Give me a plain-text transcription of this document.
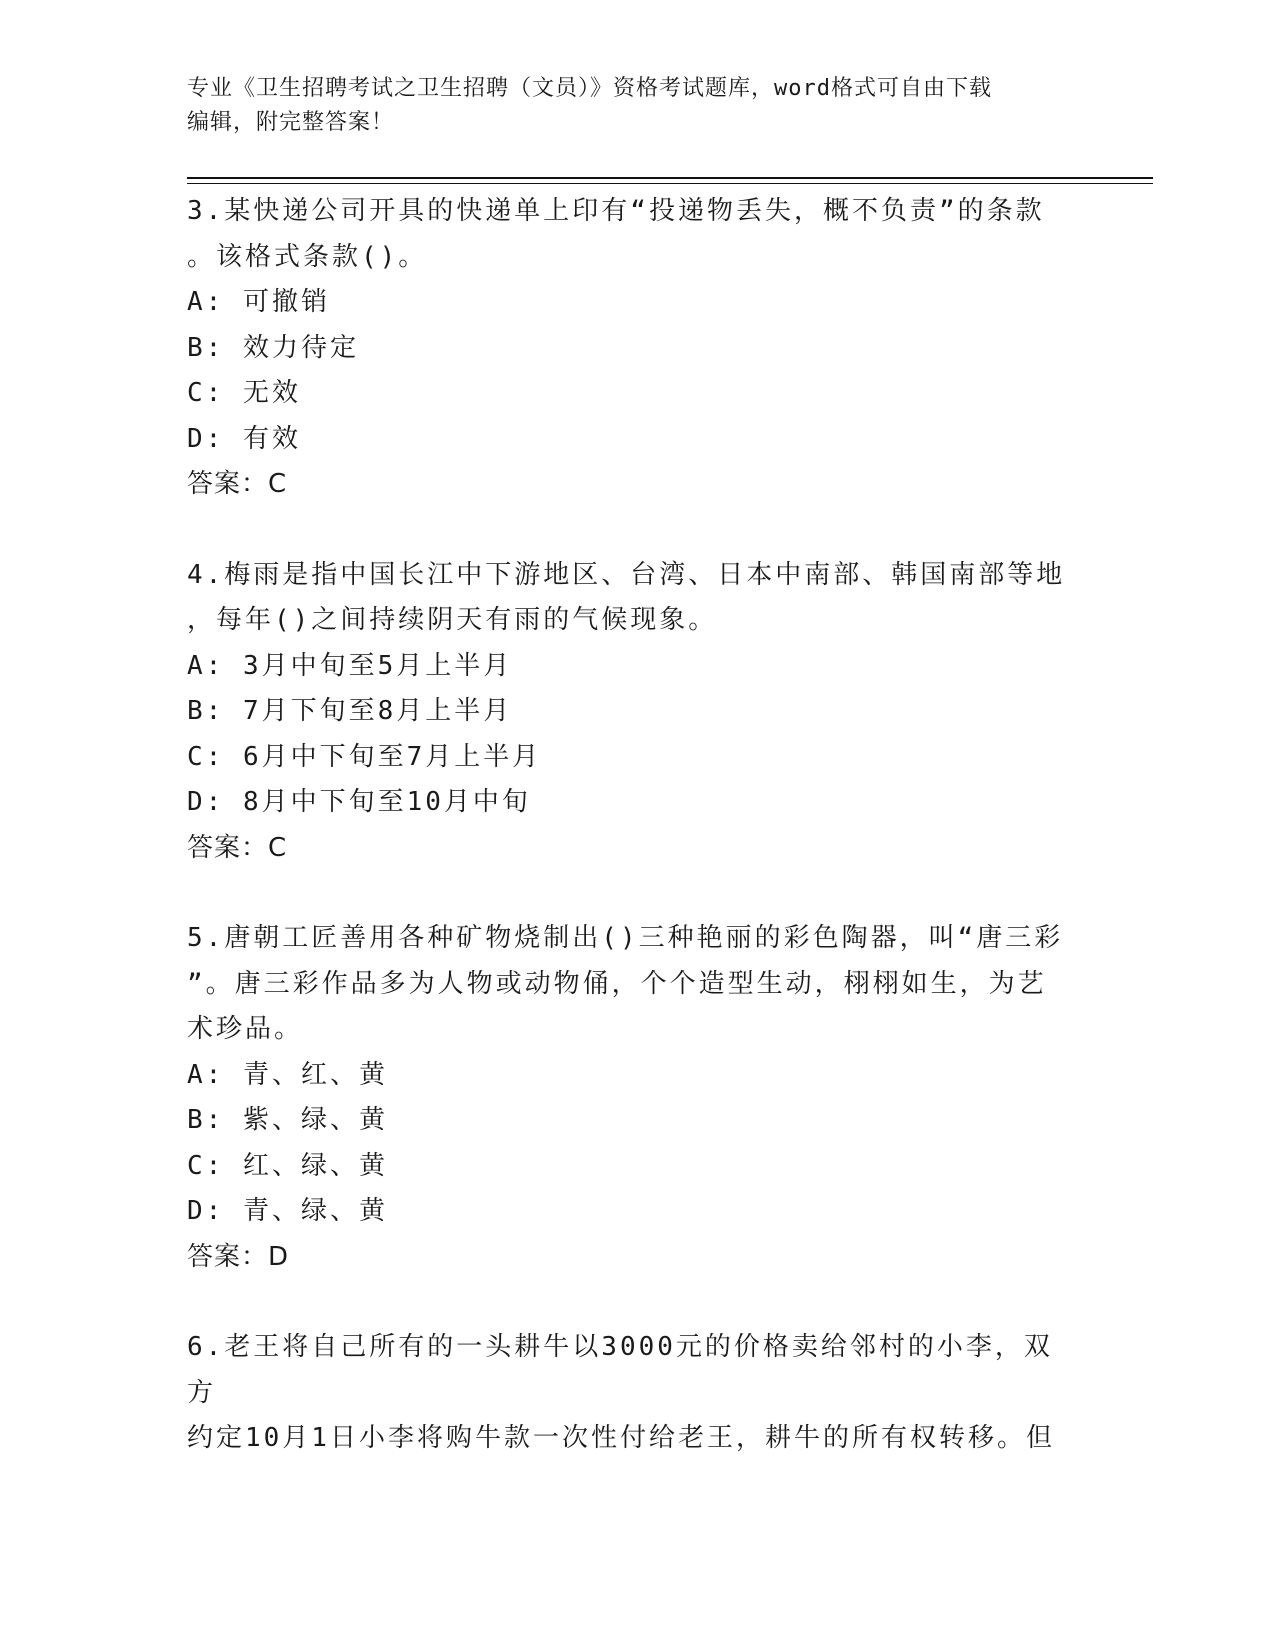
专业《卫生招聘考试之卫生招聘（文员）》资格考试题库，word格式可自由下载
编辑，附完整答案！

3.某快递公司开具的快递单上印有“投递物丢失，概不负责”的条款

。该格式条款()。

A: 可撤销

B: 效力待定

C: 无效

D: 有效

答案：C

4.梅雨是指中国长江中下游地区、台湾、日本中南部、韩国南部等地

，每年()之间持续阴天有雨的气候现象。

A: 3月中旬至5月上半月

B: 7月下旬至8月上半月

C: 6月中下旬至7月上半月

D: 8月中下旬至10月中旬

答案：C

5.唐朝工匠善用各种矿物烧制出()三种艳丽的彩色陶器，叫“唐三彩

”。唐三彩作品多为人物或动物俑，个个造型生动，栩栩如生，为艺

术珍品。

A: 青、红、黄

B: 紫、绿、黄

C: 红、绿、黄

D: 青、绿、黄

答案：D

6.老王将自己所有的一头耕牛以3000元的价格卖给邻村的小李，双方

约定10月1日小李将购牛款一次性付给老王，耕牛的所有权转移。但
